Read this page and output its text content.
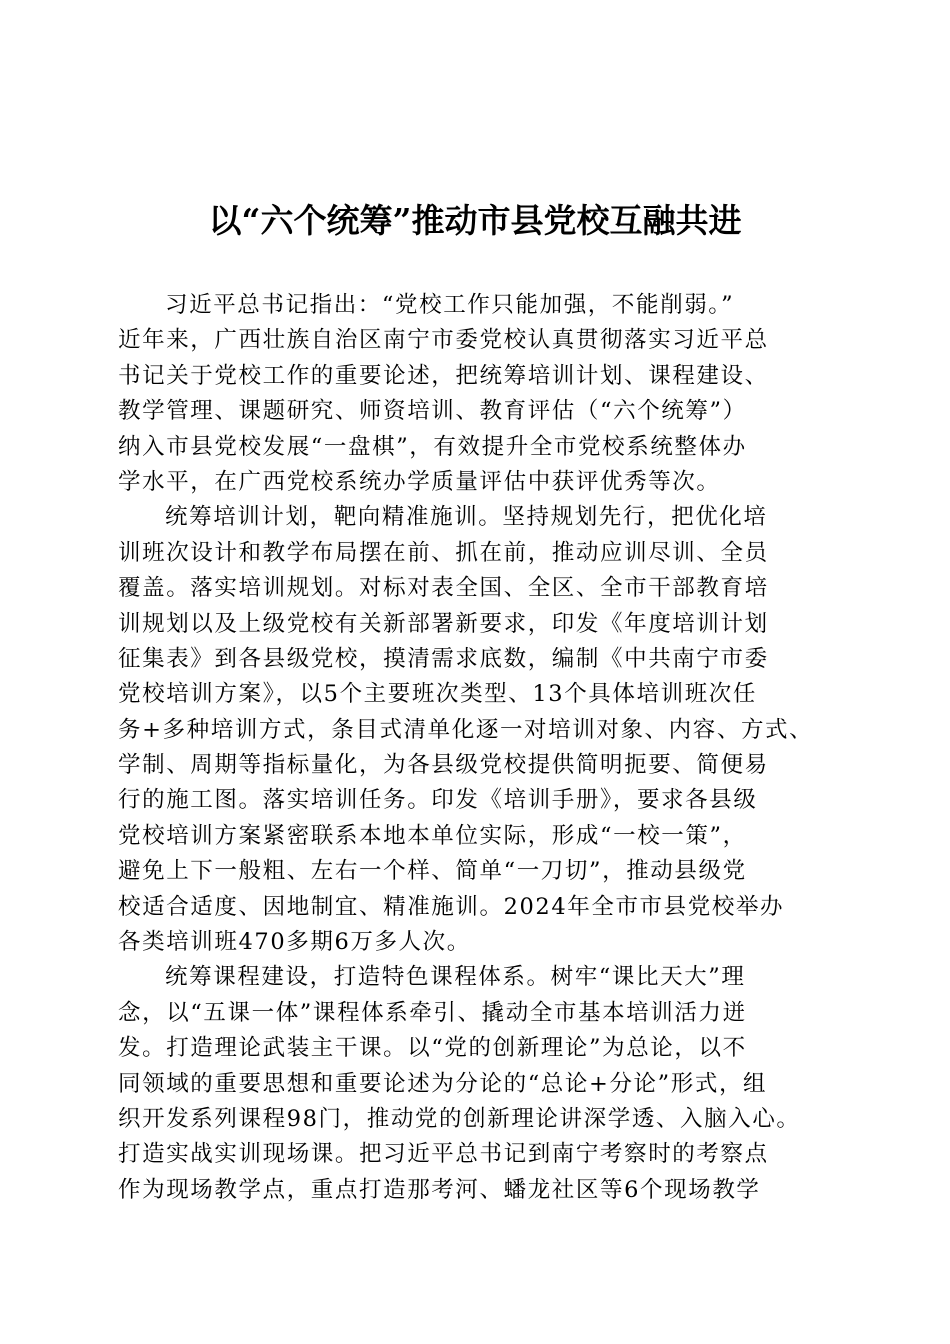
以“六个统筹”推动市县党校互融共进
习近平总书记指出：“党校工作只能加强，不能削弱。”
近年来，广西壮族自治区南宁市委党校认真贯彻落实习近平总
书记关于党校工作的重要论述，把统筹培训计划、课程建设、
教学管理、课题研究、师资培训、教育评估（“六个统筹”）
纳入市县党校发展“一盘棋”，有效提升全市党校系统整体办
学水平，在广西党校系统办学质量评估中获评优秀等次。
统筹培训计划，靶向精准施训。坚持规划先行，把优化培
训班次设计和教学布局摆在前、抓在前，推动应训尽训、全员
覆盖。落实培训规划。对标对表全国、全区、全市干部教育培
训规划以及上级党校有关新部署新要求，印发《年度培训计划
征集表》到各县级党校，摸清需求底数，编制《中共南宁市委
党校培训方案》，以5个主要班次类型、13个具体培训班次任
务+多种培训方式，条目式清单化逐一对培训对象、内容、方式、
学制、周期等指标量化，为各县级党校提供简明扼要、简便易
行的施工图。落实培训任务。印发《培训手册》，要求各县级
党校培训方案紧密联系本地本单位实际，形成“一校一策”，
避免上下一般粗、左右一个样、简单“一刀切”，推动县级党
校适合适度、因地制宜、精准施训。2024年全市市县党校举办
各类培训班470多期6万多人次。
统筹课程建设，打造特色课程体系。树牢“课比天大”理
念，以“五课一体”课程体系牵引、撬动全市基本培训活力迸
发。打造理论武装主干课。以“党的创新理论”为总论，以不
同领域的重要思想和重要论述为分论的“总论+分论”形式，组
织开发系列课程98门，推动党的创新理论讲深学透、入脑入心。
打造实战实训现场课。把习近平总书记到南宁考察时的考察点
作为现场教学点，重点打造那考河、蟠龙社区等6个现场教学
